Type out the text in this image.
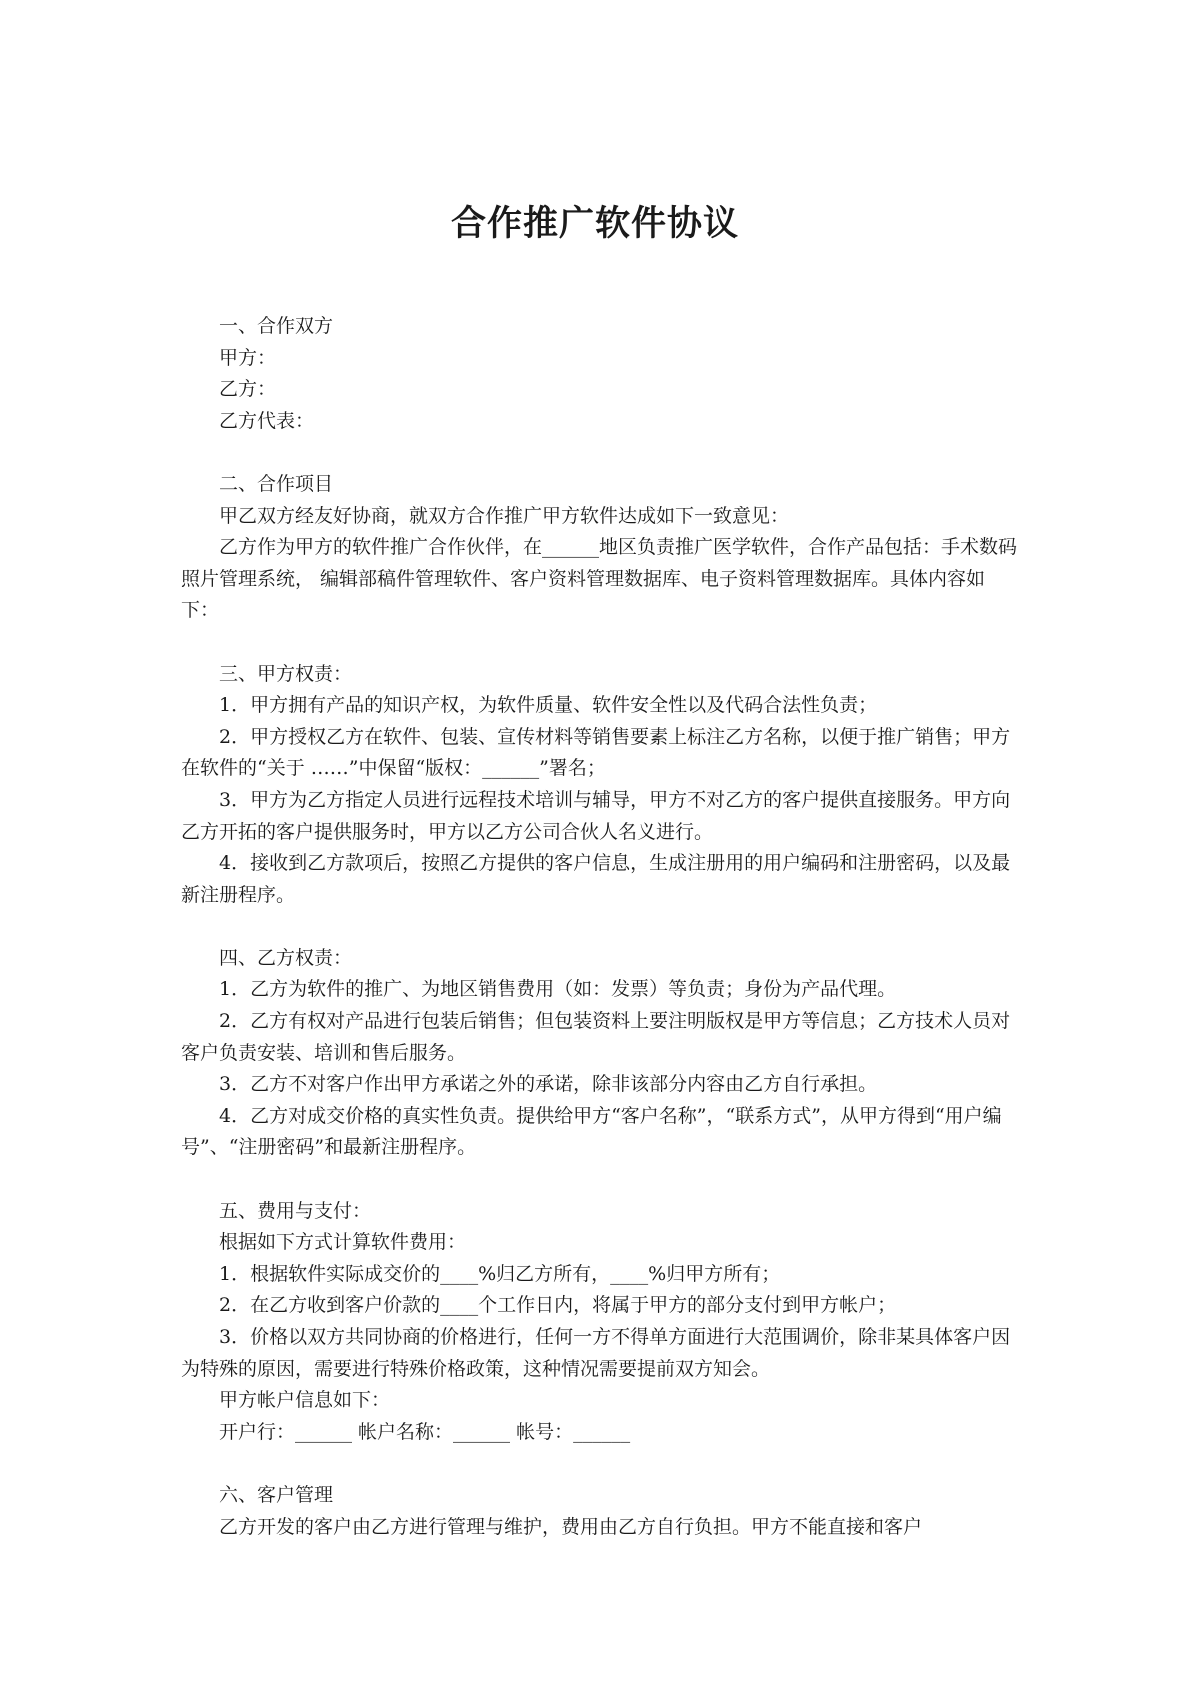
合作推广软件协议

一、合作双方

甲方：

乙方：

乙方代表：

二、合作项目

甲乙双方经友好协商，就双方合作推广甲方软件达成如下一致意见：

乙方作为甲方的软件推广合作伙伴，在______地区负责推广医学软件，合作产品包括：手术数码照片管理系统， 编辑部稿件管理软件、客户资料管理数据库、电子资料管理数据库。具体内容如下：

三、甲方权责：

1．甲方拥有产品的知识产权，为软件质量、软件安全性以及代码合法性负责；

2．甲方授权乙方在软件、包装、宣传材料等销售要素上标注乙方名称，以便于推广销售；甲方在软件的“关于 ……”中保留“版权：______”署名；

3．甲方为乙方指定人员进行远程技术培训与辅导，甲方不对乙方的客户提供直接服务。甲方向乙方开拓的客户提供服务时，甲方以乙方公司合伙人名义进行。

4．接收到乙方款项后，按照乙方提供的客户信息，生成注册用的用户编码和注册密码，以及最新注册程序。

四、乙方权责：

1．乙方为软件的推广、为地区销售费用（如：发票）等负责；身份为产品代理。

2．乙方有权对产品进行包装后销售；但包装资料上要注明版权是甲方等信息；乙方技术人员对客户负责安装、培训和售后服务。

3．乙方不对客户作出甲方承诺之外的承诺，除非该部分内容由乙方自行承担。

4．乙方对成交价格的真实性负责。提供给甲方“客户名称”，“联系方式”，从甲方得到“用户编号”、“注册密码”和最新注册程序。

五、费用与支付：

根据如下方式计算软件费用：

1．根据软件实际成交价的____%归乙方所有，____%归甲方所有；

2．在乙方收到客户价款的____个工作日内，将属于甲方的部分支付到甲方帐户；

3．价格以双方共同协商的价格进行，任何一方不得单方面进行大范围调价，除非某具体客户因为特殊的原因，需要进行特殊价格政策，这种情况需要提前双方知会。

甲方帐户信息如下：

开户行：______ 帐户名称：______ 帐号：______

六、客户管理

乙方开发的客户由乙方进行管理与维护，费用由乙方自行负担。甲方不能直接和客户
